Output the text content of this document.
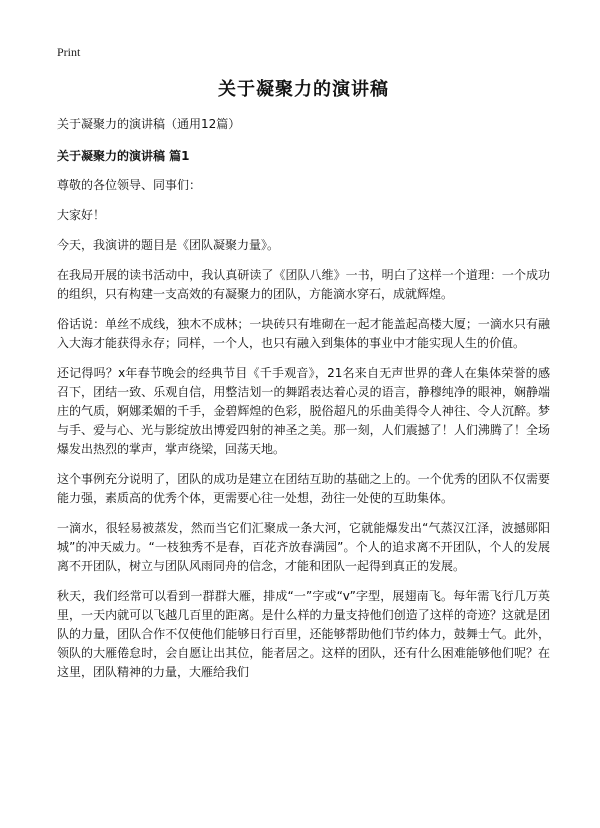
Print
关于凝聚力的演讲稿
关于凝聚力的演讲稿（通用12篇）
关于凝聚力的演讲稿 篇1

尊敬的各位领导、同事们：

大家好！

今天，我演讲的题目是《团队凝聚力量》。

在我局开展的读书活动中，我认真研读了《团队八维》一书，明白了这样一个道理：一个成功的组织，只有构建一支高效的有凝聚力的团队，方能滴水穿石，成就辉煌。

俗话说：单丝不成线，独木不成林；一块砖只有堆砌在一起才能盖起高楼大厦；一滴水只有融入大海才能获得永存；同样，一个人，也只有融入到集体的事业中才能实现人生的价值。

还记得吗？x年春节晚会的经典节目《千手观音》，21名来自无声世界的聋人在集体荣誉的感召下，团结一致、乐观自信，用整洁划一的舞蹈表达着心灵的语言，静穆纯净的眼神，娴静端庄的气质，婀娜柔媚的千手，金碧辉煌的色彩，脱俗超凡的乐曲美得令人神往、令人沉醉。梦与手、爱与心、光与影绽放出博爱四射的神圣之美。那一刻，人们震撼了！人们沸腾了！全场爆发出热烈的掌声，掌声绕梁，回荡天地。

这个事例充分说明了，团队的成功是建立在团结互助的基础之上的。一个优秀的团队不仅需要能力强，素质高的优秀个体，更需要心往一处想，劲往一处使的互助集体。

一滴水，很轻易被蒸发，然而当它们汇聚成一条大河，它就能爆发出“气蒸汉江泽，波撼郧阳城”的冲天威力。“一枝独秀不是春，百花齐放春满园”。个人的追求离不开团队，个人的发展离不开团队，树立与团队风雨同舟的信念，才能和团队一起得到真正的发展。

秋天，我们经常可以看到一群群大雁，排成“一”字或“v”字型，展翅南飞。每年需飞行几万英里，一天内就可以飞越几百里的距离。是什么样的力量支持他们创造了这样的奇迹？这就是团队的力量，团队合作不仅使他们能够日行百里，还能够帮助他们节约体力，鼓舞士气。此外，领队的大雁倦怠时，会自愿让出其位，能者居之。这样的团队，还有什么困难能够他们呢？在这里，团队精神的力量，大雁给我们
